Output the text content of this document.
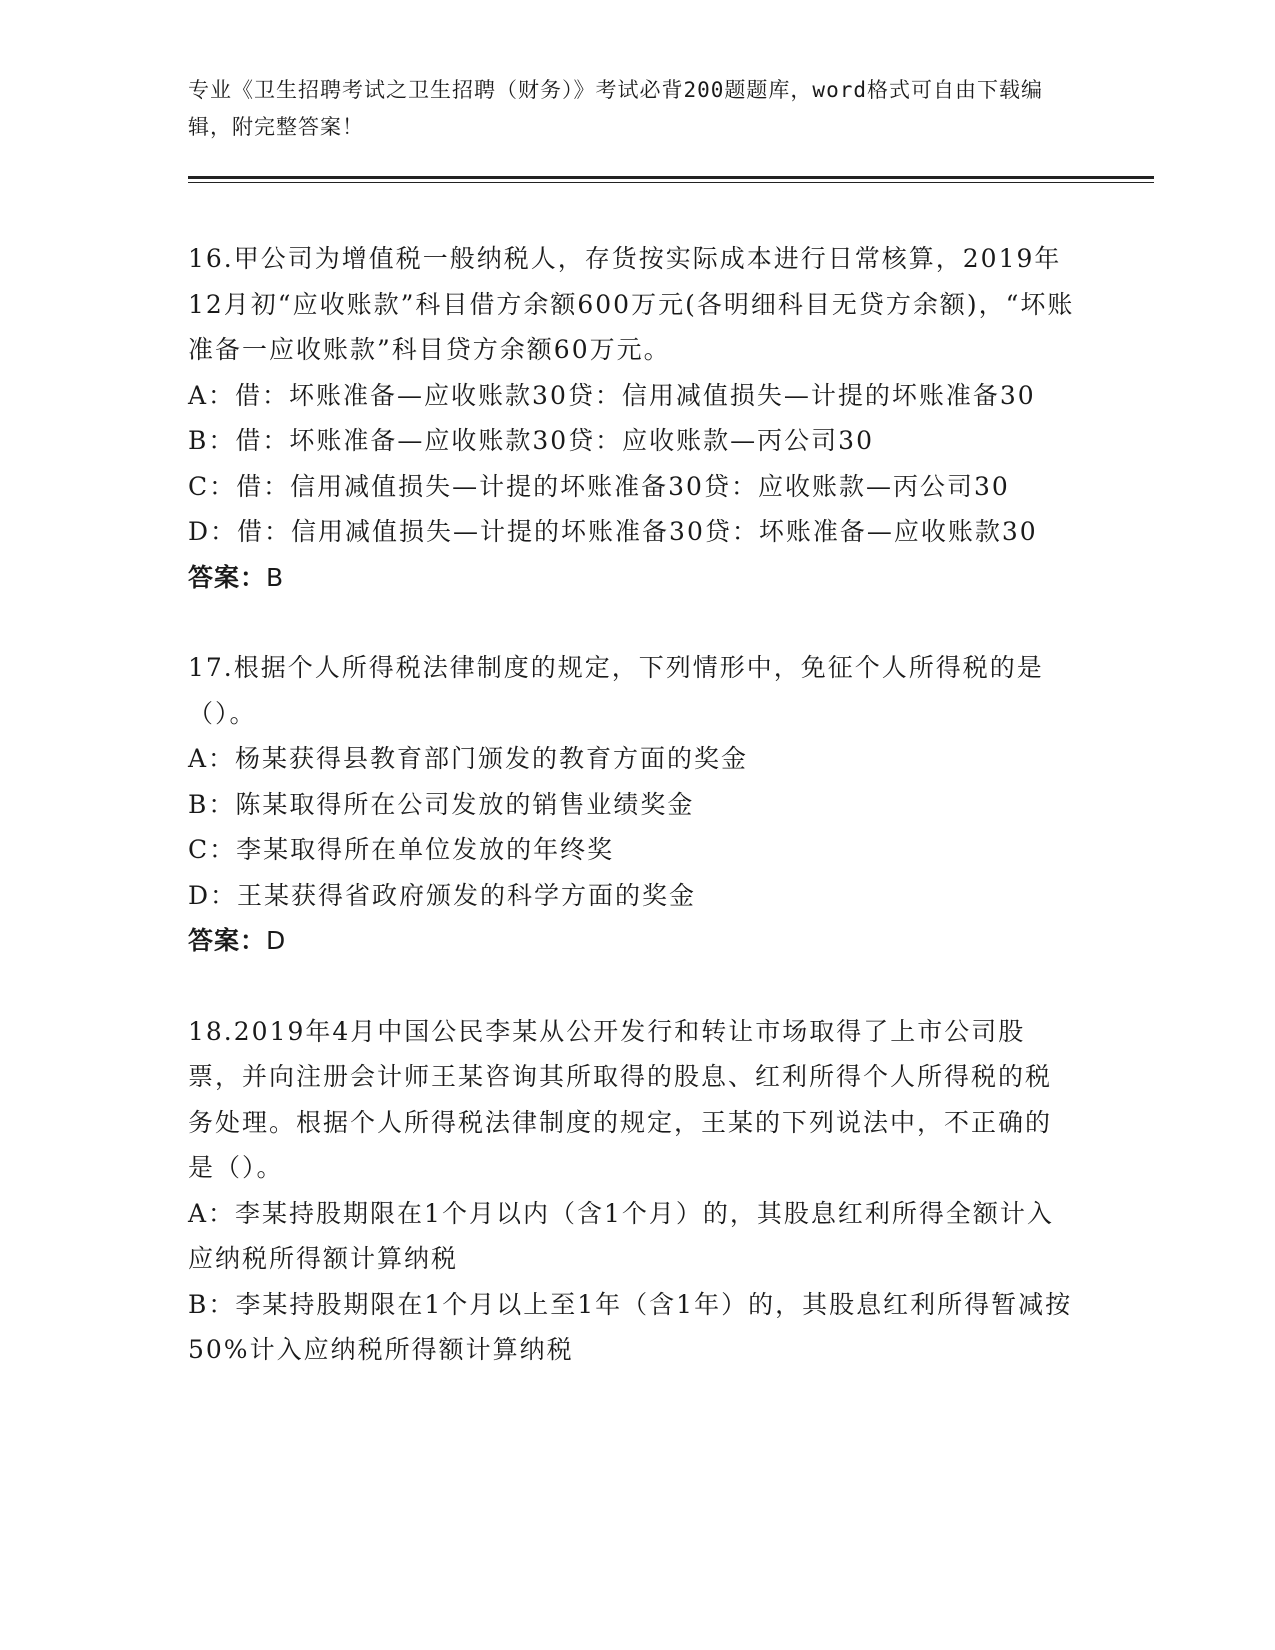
专业《卫生招聘考试之卫生招聘（财务）》考试必背200题题库，word格式可自由下载编辑，附完整答案！

16.甲公司为增值税一般纳税人，存货按实际成本进行日常核算，2019年12月初“应收账款”科目借方余额600万元(各明细科目无贷方余额)，“坏账准备一应收账款”科目贷方余额60万元。

A：借：坏账准备—应收账款30贷：信用减值损失—计提的坏账准备30

B：借：坏账准备—应收账款30贷：应收账款—丙公司30

C：借：信用减值损失—计提的坏账准备30贷：应收账款—丙公司30

D：借：信用减值损失—计提的坏账准备30贷：坏账准备—应收账款30

答案：B

17.根据个人所得税法律制度的规定，下列情形中，免征个人所得税的是（）。

A：杨某获得县教育部门颁发的教育方面的奖金

B：陈某取得所在公司发放的销售业绩奖金

C：李某取得所在单位发放的年终奖

D：王某获得省政府颁发的科学方面的奖金

答案：D

18.2019年4月中国公民李某从公开发行和转让市场取得了上市公司股票，并向注册会计师王某咨询其所取得的股息、红利所得个人所得税的税务处理。根据个人所得税法律制度的规定，王某的下列说法中，不正确的是（）。

A：李某持股期限在1个月以内（含1个月）的，其股息红利所得全额计入应纳税所得额计算纳税

B：李某持股期限在1个月以上至1年（含1年）的，其股息红利所得暂减按50%计入应纳税所得额计算纳税
